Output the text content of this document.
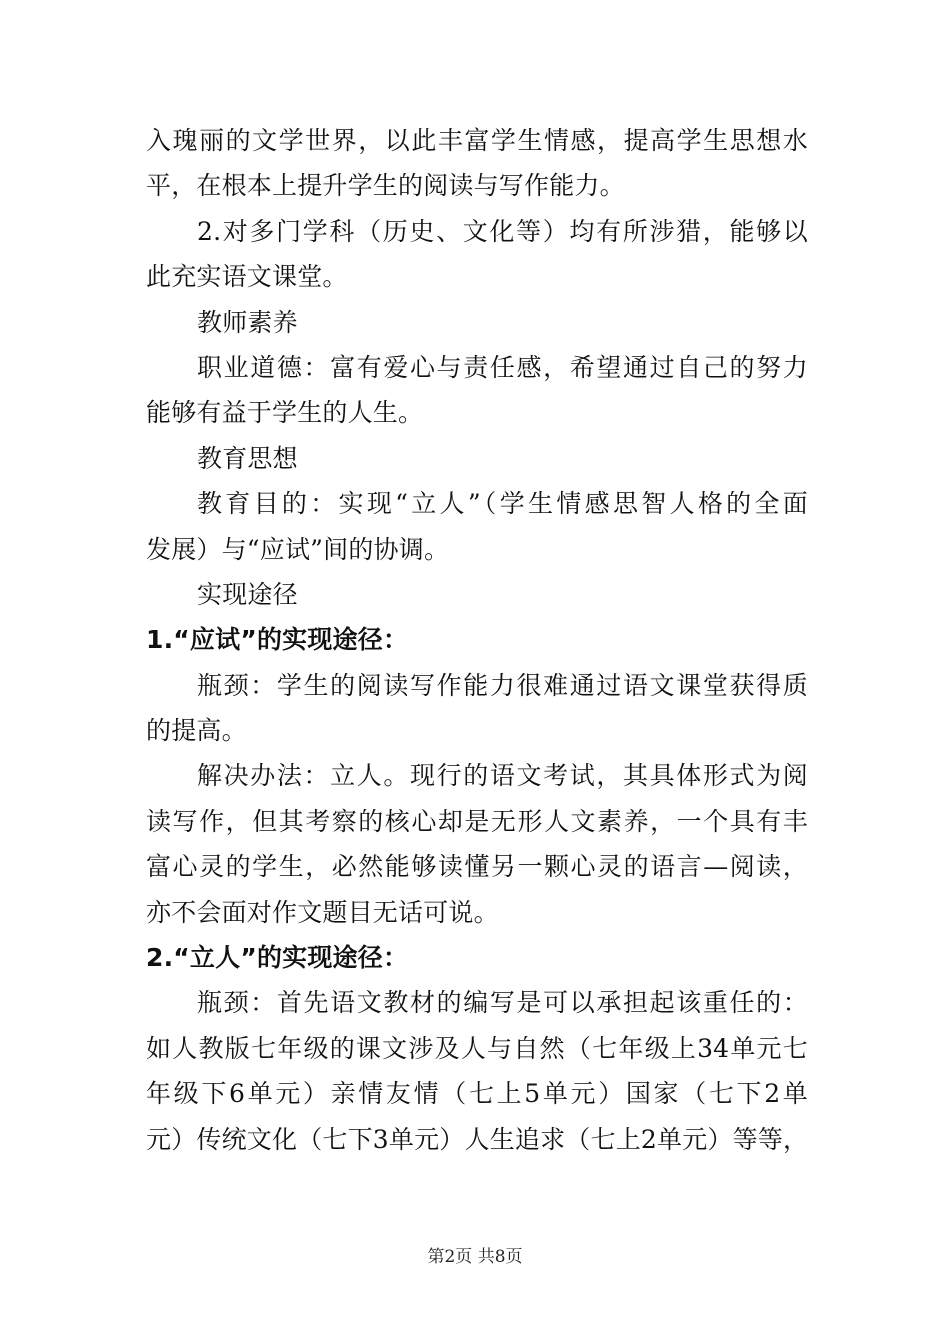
入瑰丽的文学世界，以此丰富学生情感，提高学生思想水
平，在根本上提升学生的阅读与写作能力。
2.对多门学科（历史、文化等）均有所涉猎，能够以
此充实语文课堂。
教师素养
职业道德：富有爱心与责任感，希望通过自己的努力
能够有益于学生的人生。
教育思想
教育目的：实现“立人”（学生情感思智人格的全面
发展）与“应试”间的协调。
实现途径
1.“应试”的实现途径：
瓶颈：学生的阅读写作能力很难通过语文课堂获得质
的提高。
解决办法：立人。现行的语文考试，其具体形式为阅
读写作，但其考察的核心却是无形人文素养，一个具有丰
富心灵的学生，必然能够读懂另一颗心灵的语言—阅读，
亦不会面对作文题目无话可说。
2.“立人”的实现途径：
瓶颈：首先语文教材的编写是可以承担起该重任的：
如人教版七年级的课文涉及人与自然（七年级上34单元七
年级下6单元）亲情友情（七上5单元）国家（七下2单
元）传统文化（七下3单元）人生追求（七上2单元）等等，
第2页 共8页
